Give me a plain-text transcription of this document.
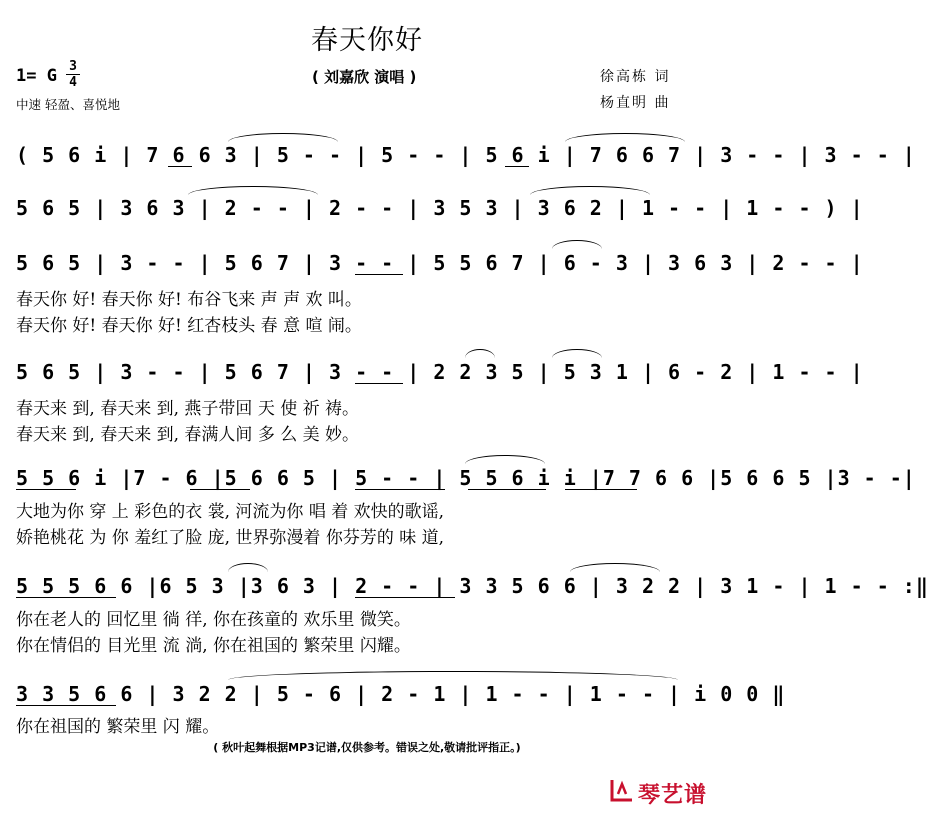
春天你好
1= G 3
4
中速 轻盈、喜悦地
( 刘嘉欣 演唱 )	徐高栋 词
杨直明 曲
( 5 6 i | 7 6 6 3 | 5 - - | 5 - - | 5 6 i | 7 6 6 7 | 3 - - | 3 - - |
5 6 5 | 3 6 3 | 2 - - | 2 - - | 3 5 3 | 3 6 2 | 1 - - | 1 - - ) |
5 6 5 | 3 - - | 5 6 7 | 3 - - | 5 5 6 7 | 6 - 3 | 3 6 3 | 2 - - |
5 6 5 | 3 - - | 5 6 7 | 3 - - | 2 2 3 5 | 5 3 1 | 6 - 2 | 1 - - |
5 5 6 i |7 - 6 |5 6 6 5 | 5 - - | 5 5 6 i i |7 7 6 6 |5 6 6 5 |3 - -|
5 5 5 6 6 |6 5 3 |3 6 3 | 2 - - | 3 3 5 6 6 | 3 2 2 | 3 1 - | 1 - - :‖
3 3 5 6 6 | 3 2 2 | 5 - 6 | 2 - 1 | 1 - - | 1 - - | i 0 0 ‖
春天你 好! 春天你 好! 布谷飞来 声 声 欢 叫。
春天你 好! 春天你 好! 红杏枝头 春 意 喧 闹。
春天来 到, 春天来 到, 燕子带回 天 使 祈 祷。
春天来 到, 春天来 到, 春满人间 多 么 美 妙。
大地为你 穿 上 彩色的衣 裳, 河流为你 唱 着 欢快的歌谣,
娇艳桃花 为 你 羞红了脸 庞, 世界弥漫着 你芬芳的 味 道,
你在老人的 回忆里 徜 徉, 你在孩童的 欢乐里 微笑。
你在情侣的 目光里 流 淌, 你在祖国的 繁荣里 闪耀。
你在祖国的 繁荣里 闪 耀。
( 秋叶起舞根据MP3记谱,仅供参考。错误之处,敬请批评指正。)
琴艺谱
